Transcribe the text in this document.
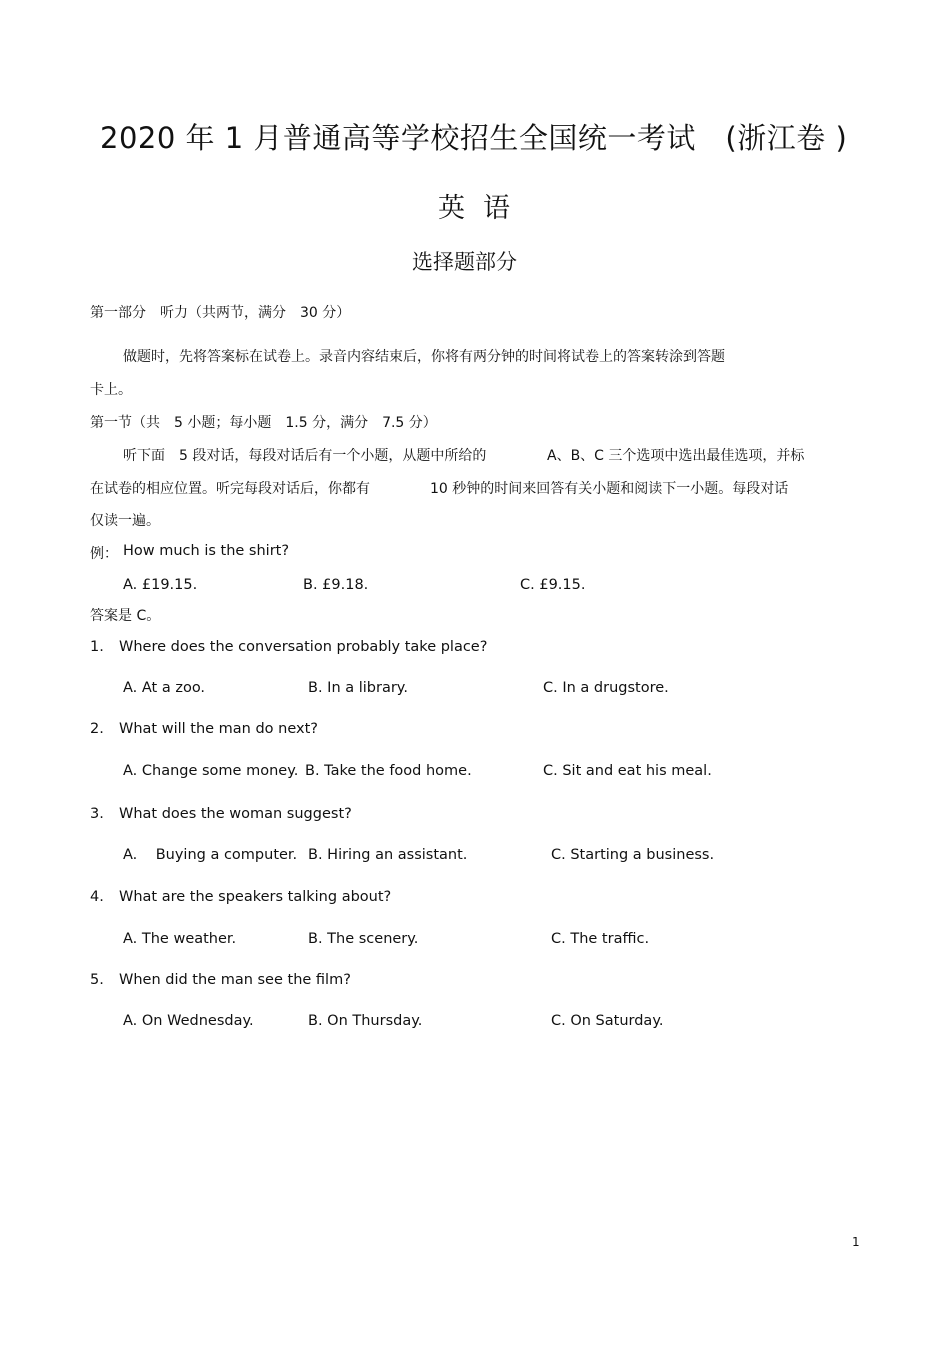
2020 年 1 月普通高等学校招生全国统一考试　(浙江卷 )
英语
选择题部分
第一部分　听力（共两节，满分　30 分）
做题时，先将答案标在试卷上。录音内容结束后，你将有两分钟的时间将试卷上的答案转涂到答题
卡上。
第一节（共　5 小题；每小题　1.5 分，满分　7.5 分）
听下面　5 段对话，每段对话后有一个小题，从题中所给的	A、B、C 三个选项中选出最佳选项，并标
在试卷的相应位置。听完每段对话后，你都有	10 秒钟的时间来回答有关小题和阅读下一小题。每段对话
仅读一遍。
例： How much is the shirt?
A. £19.15.	B. £9.18.	C. £9.15.
答案是 C。
1. Where does the conversation probably take place?
A. At a zoo.	B. In a library.	C. In a drugstore.
2. What will the man do next?
A. Change some money. B. Take the food home.	C. Sit and eat his meal.
3. What does the woman suggest?
A.    Buying a computer. B. Hiring an assistant.	C. Starting a business.
4. What are the speakers talking about?
A. The weather.	B. The scenery.	C. The traffic.
5. When did the man see the film?
A. On Wednesday.	B. On Thursday.	C. On Saturday.
1
